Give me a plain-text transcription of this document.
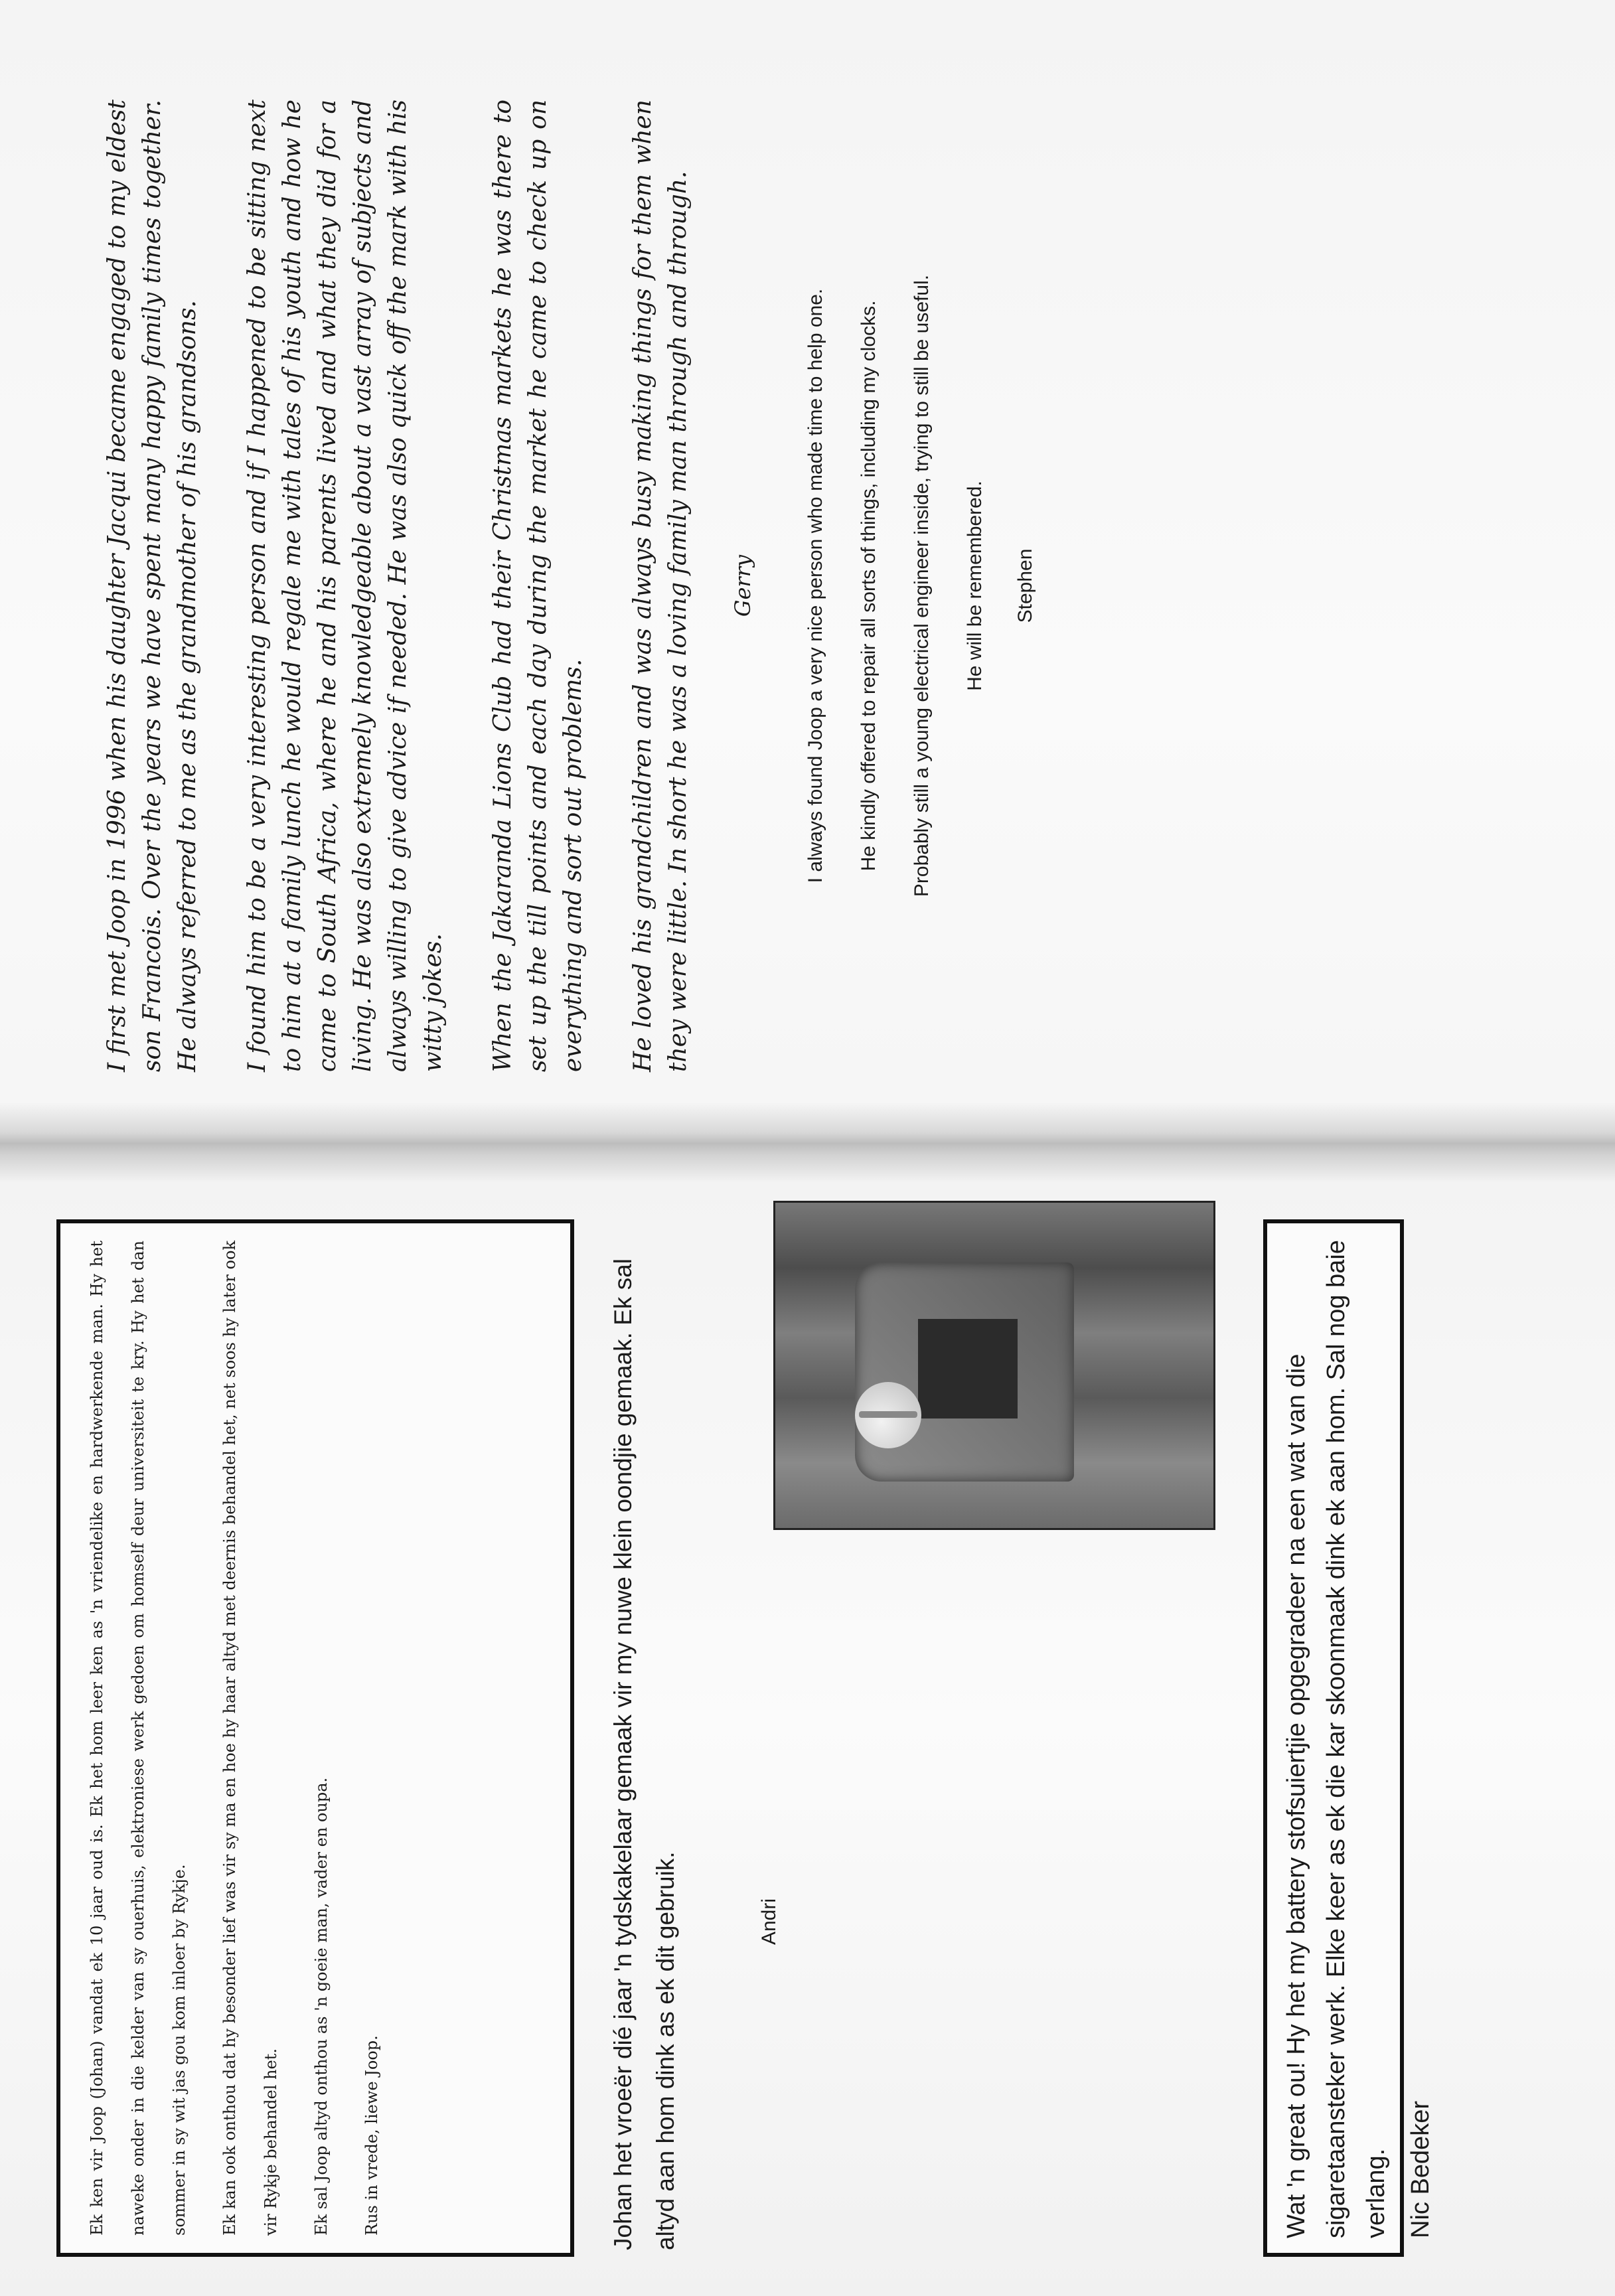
I first met Joop in 1996 when his daughter Jacqui became engaged to my eldest son Francois. Over the years we have spent many happy family times together. He always referred to me as the grandmother of his grandsons. I found him to be a very interesting person and if I happened to be sitting next to him at a family lunch he would regale me with tales of his youth and how he came to South Africa, where he and his parents lived and what they did for a living. He was also extremely knowledgeable about a vast array of subjects and always willing to give advice if needed. He was also quick off the mark with his witty jokes. When the Jakaranda Lions Club had their Christmas markets he was there to set up the till points and each day during the market he came to check up on everything and sort out problems. He loved his grandchildren and was always busy making things for them when they were little. In short he was a loving family man through and through. Gerry I always found Joop a very nice person who made time to help one. He kindly offered to repair all sorts of things, including my clocks. Probably still a young electrical engineer inside, trying to still be useful. He will be remembered. Stephen

Ek ken vir Joop (Johan) vandat ek 10 jaar oud is. Ek het hom leer ken as 'n vriendelike en hardwerkende man. Hy het naweke onder in die kelder van sy ouerhuis, elektroniese werk gedoen om homself deur universiteit te kry. Hy het dan sommer in sy wit jas gou kom inloer by Rykje.	Ek kan ook onthou dat hy besonder lief was vir sy ma en hoe hy haar altyd met deernis behandel het, net soos hy later ook vir Rykje behandel het.	Ek sal Joop altyd onthou as 'n goeie man, vader en oupa.	Rus in vrede, liewe Joop.	Johan het vroeër dié jaar 'n tydskakelaar gemaak vir my nuwe klein oondjie gemaak. Ek sal altyd aan hom dink as ek dit gebruik.	Andri	Wat 'n great ou! Hy het my battery stofsuiertjie opgegradeer na een wat van die sigaretaansteker werk. Elke keer as ek die kar skoonmaak dink ek aan hom. Sal nog baie verlang. Nic Bedeker
